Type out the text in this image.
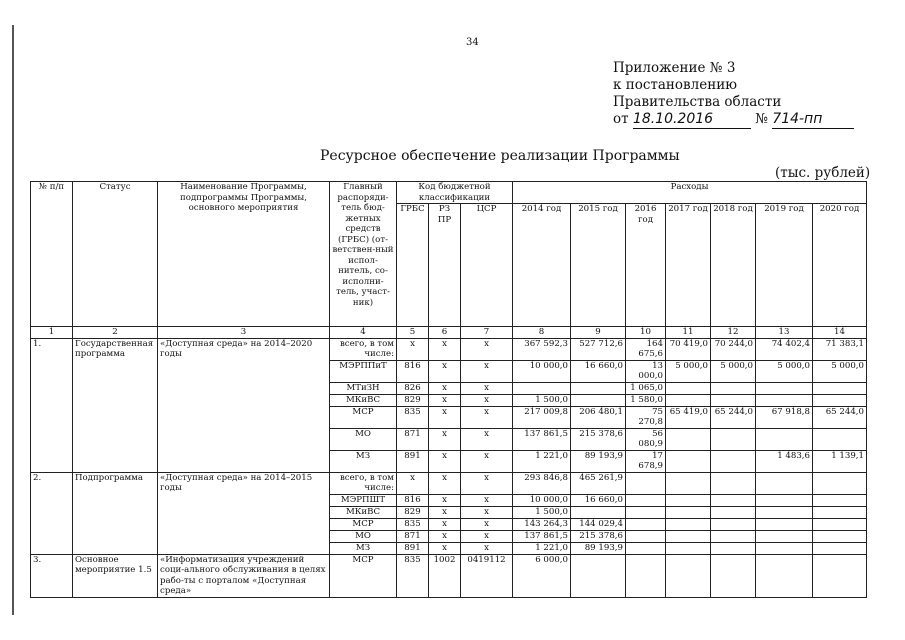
34
Приложение № 3
к постановлению
Правительства области
от 18.10.2016	№ 714-пп
Ресурсное обеспечение реализации Программы
(тыс. рублей)
№ п/п	Статус	Наименование Программы, подпрограммы Программы, основного мероприятия	Главный распоряди-тель бюд-жетных средств (ГРБС) (от-ветствен-ный испол-нитель, со-исполни-тель, участ-ник)	Код бюджетной классификации			Расходы						
				ГРБС	РЗ ПР	ЦСР	2014 год	2015 год	2016 год	2017 год	2018 год	2019 год	2020 год
1	2	3	4	5	6	7	8	9	10	11	12	13	14
1.	Государственная программа	«Доступная среда» на 2014–2020 годы	всего, в том числе:	х	х	х	367 592,3	527 712,6	164 675,6	70 419,0	70 244,0	74 402,4	71 383,1
			МЭРППиТ	816	х	х	10 000,0	16 660,0	13 000,0	5 000,0	5 000,0	5 000,0	5 000,0
			МТиЗН	826	х	х			1 065,0				
			МКиВС	829	х	х	1 500,0		1 580,0				
			МСР	835	х	х	217 009,8	206 480,1	75 270,8	65 419,0	65 244,0	67 918,8	65 244,0
			МО	871	х	х	137 861,5	215 378,6	56 080,9				
			МЗ	891	х	х	1 221,0	89 193,9	17 678,9			1 483,6	1 139,1
2.	Подпрограмма	«Доступная среда» на 2014–2015 годы	всего, в том числе:	х	х	х	293 846,8	465 261,9					
			МЭРПШТ	816	х	х	10 000,0	16 660,0					
			МКиВС	829	х	х	1 500,0						
			МСР	835	х	х	143 264,3	144 029,4					
			МО	871	х	х	137 861,5	215 378,6					
			МЗ	891	х	х	1 221,0	89 193,9					
3.	Основное мероприятие 1.5	«Информатизация учреждений соци-ального обслуживания в целях рабо-ты с порталом «Доступная среда»	МСР	835	1002	0419112	6 000,0						
